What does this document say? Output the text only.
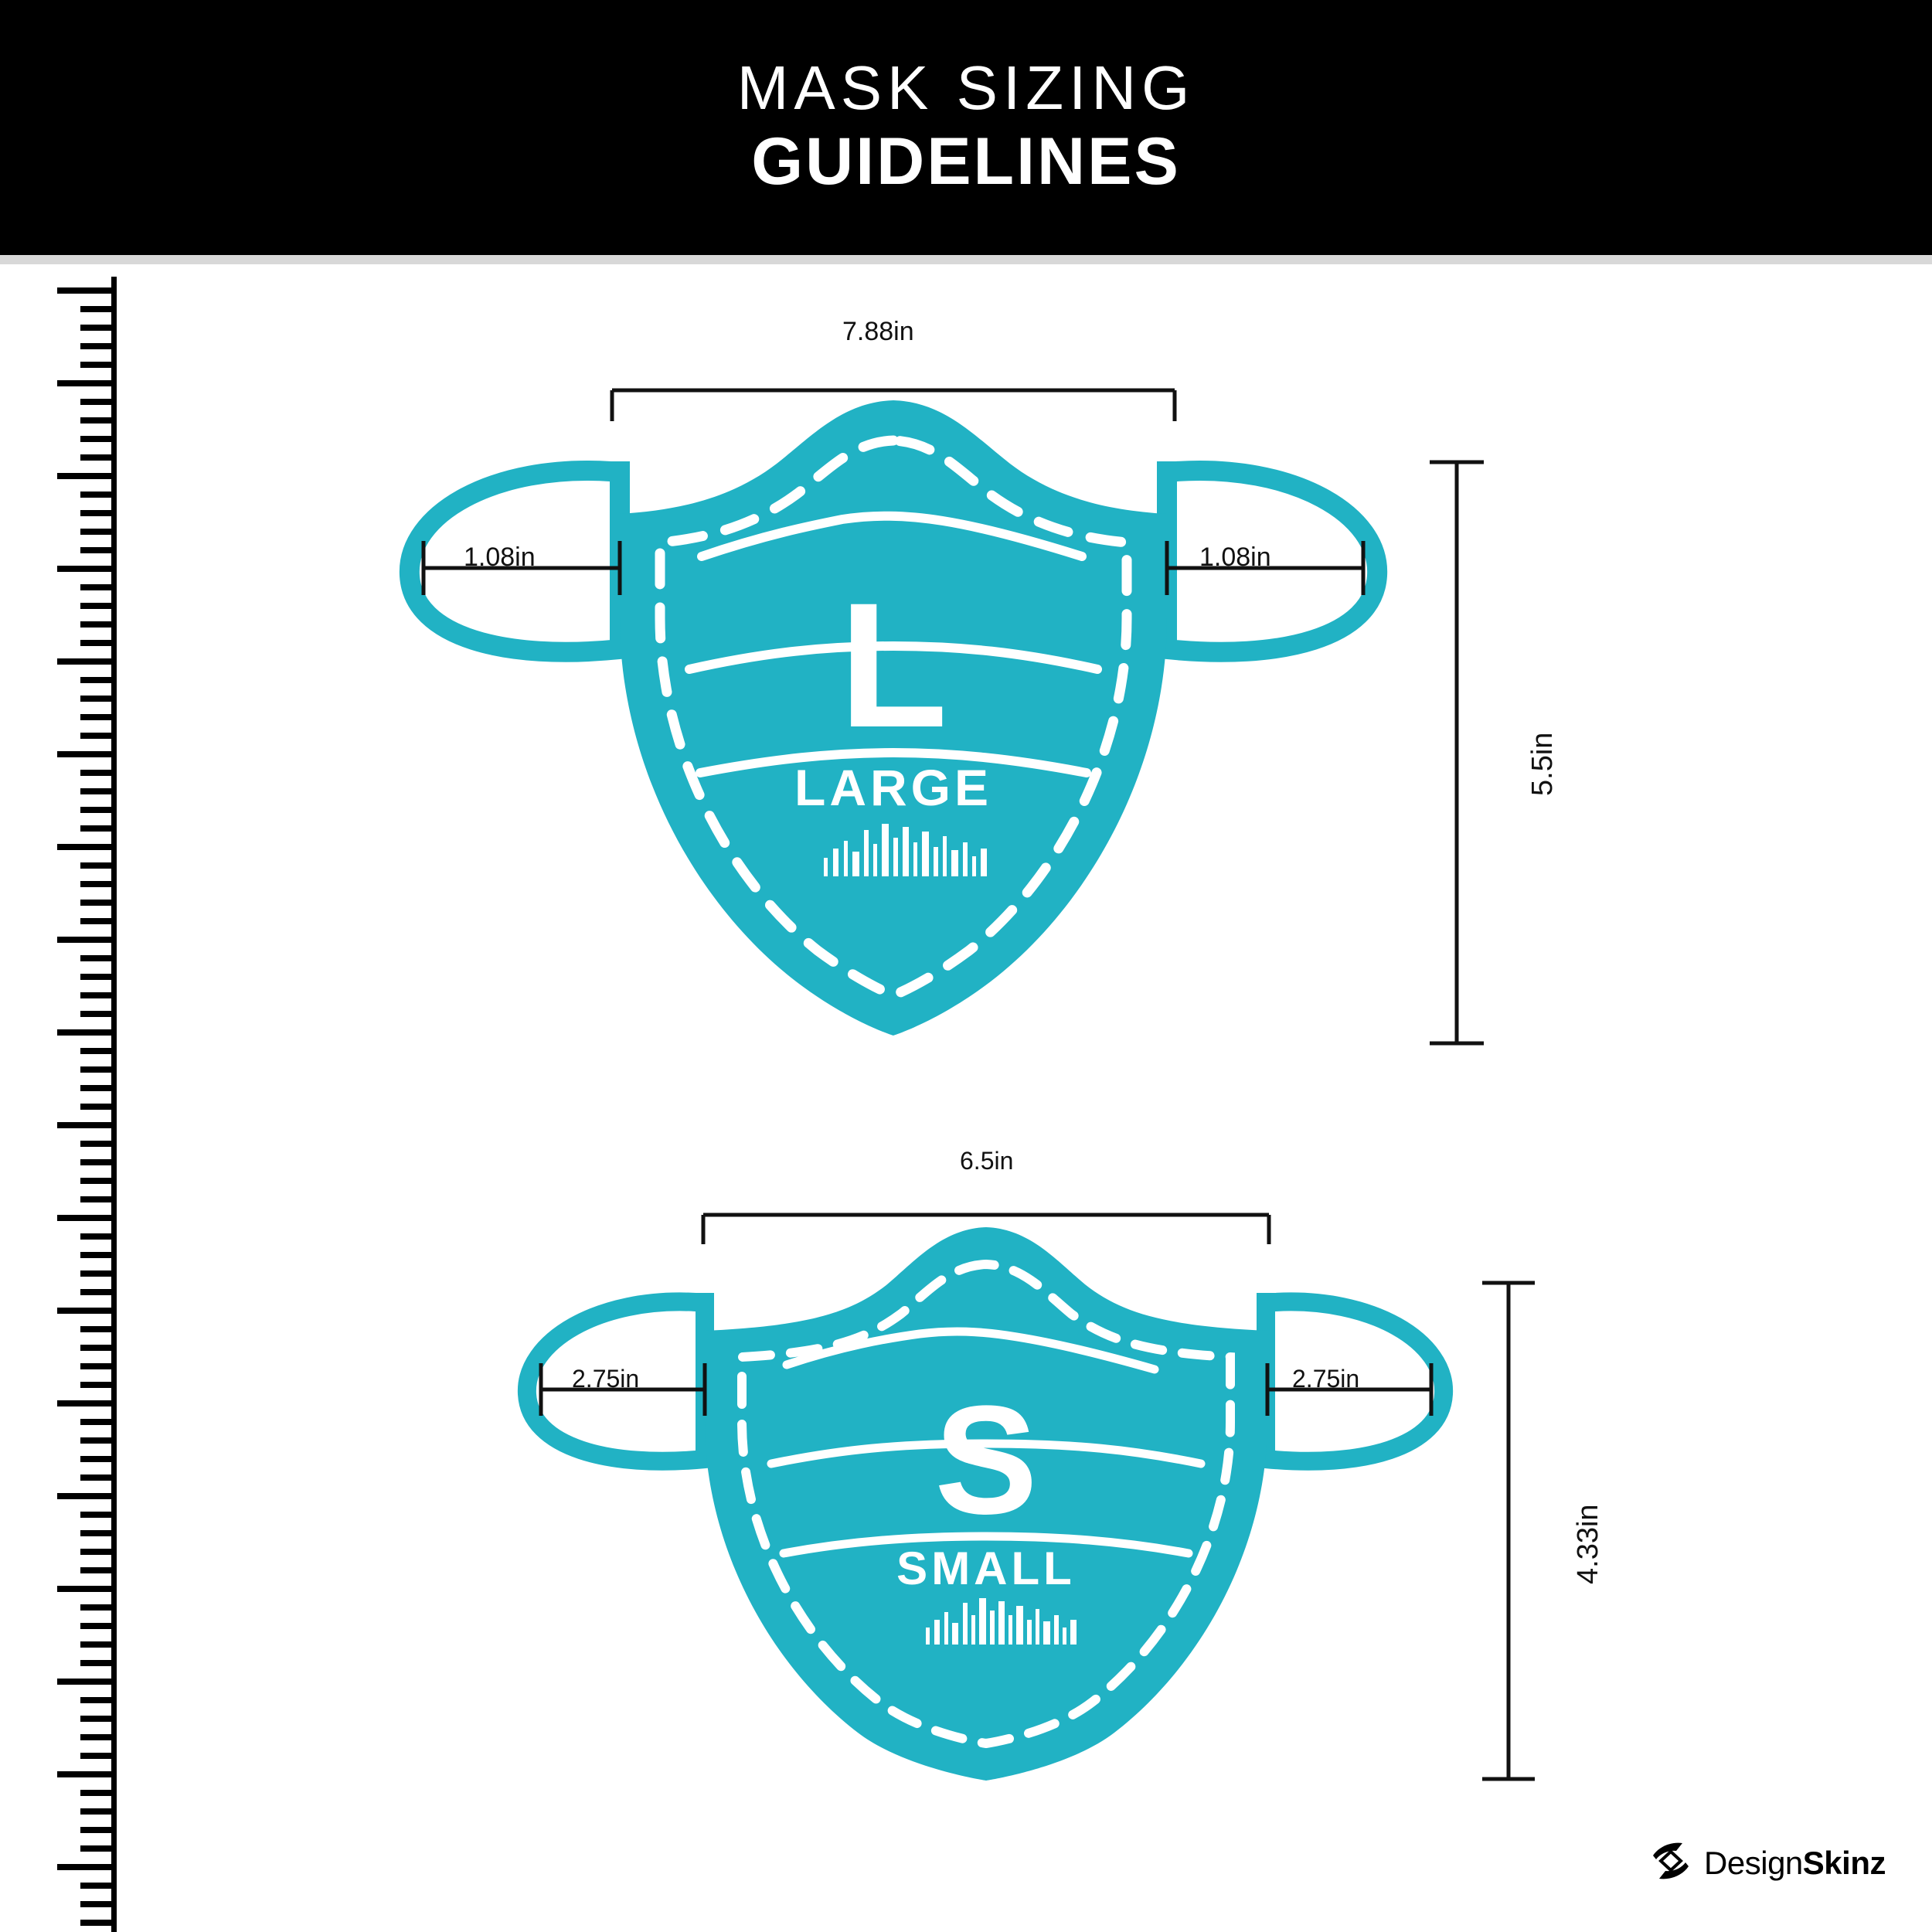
MASK SIZING
GUIDELINES
L
LARGE
7.88in
1.08in	1.08in
5.5in
S
SMALL
6.5in
2.75in	2.75in
4.33in
DesignSkinz
